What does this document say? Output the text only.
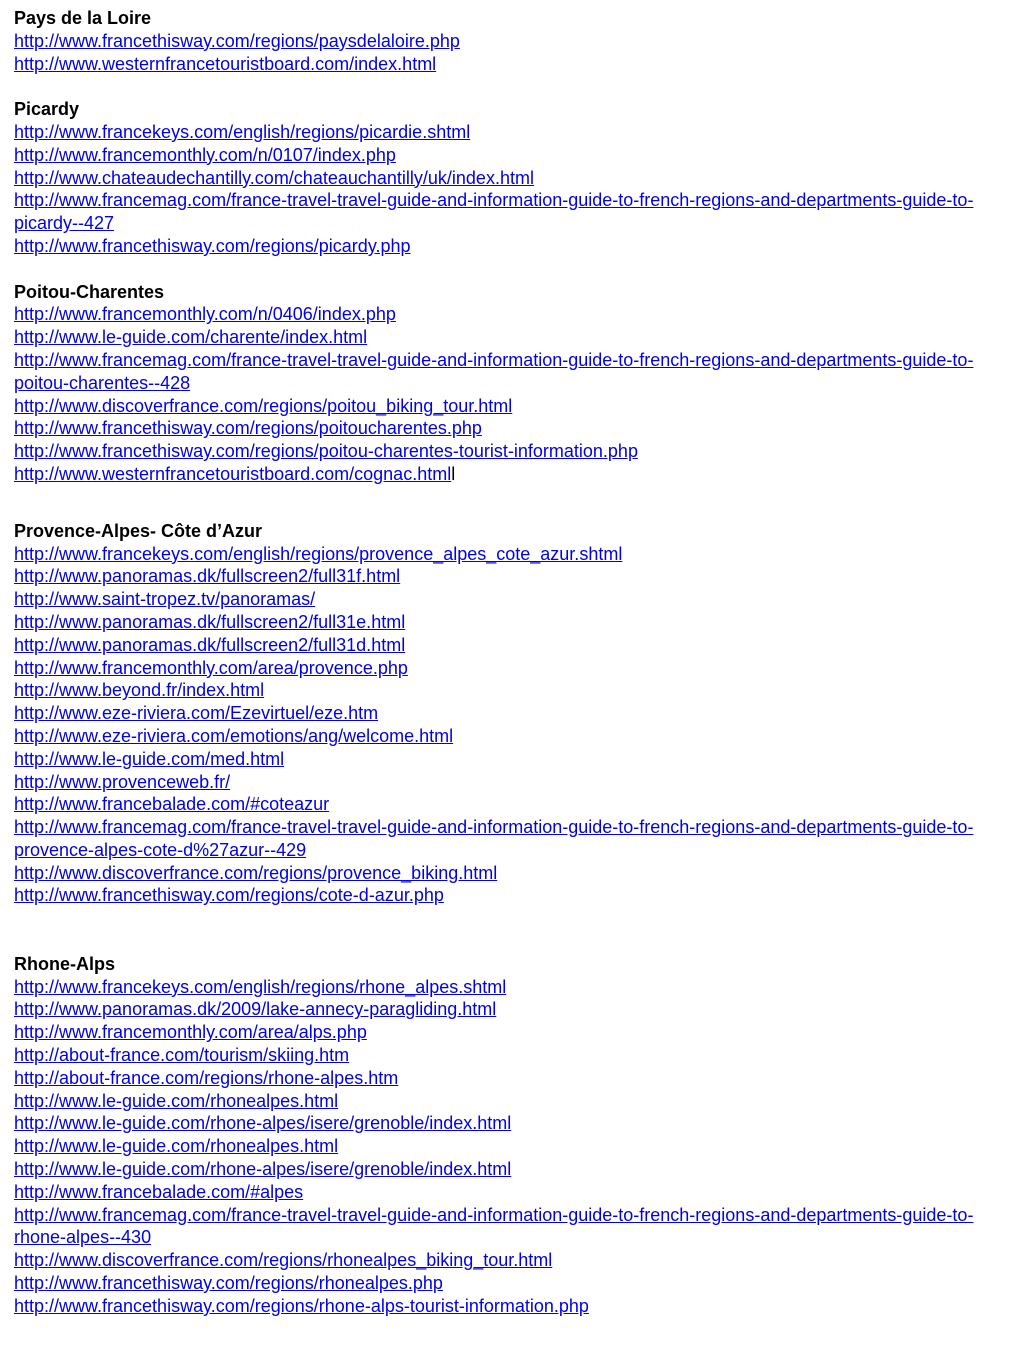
Pays de la Loire
http://www.francethisway.com/regions/paysdelaloire.php
http://www.westernfrancetouristboard.com/index.html
Picardy
http://www.francekeys.com/english/regions/picardie.shtml
http://www.francemonthly.com/n/0107/index.php
http://www.chateaudechantilly.com/chateauchantilly/uk/index.html
http://www.francemag.com/france-travel-travel-guide-and-information-guide-to-french-regions-and-departments-guide-to-picardy--427
http://www.francethisway.com/regions/picardy.php
Poitou-Charentes
http://www.francemonthly.com/n/0406/index.php
http://www.le-guide.com/charente/index.html
http://www.francemag.com/france-travel-travel-guide-and-information-guide-to-french-regions-and-departments-guide-to-poitou-charentes--428
http://www.discoverfrance.com/regions/poitou_biking_tour.html
http://www.francethisway.com/regions/poitoucharentes.php
http://www.francethisway.com/regions/poitou-charentes-tourist-information.php
http://www.westernfrancetouristboard.com/cognac.htmll
Provence-Alpes- Côte d’Azur
http://www.francekeys.com/english/regions/provence_alpes_cote_azur.shtml
http://www.panoramas.dk/fullscreen2/full31f.html
http://www.saint-tropez.tv/panoramas/
http://www.panoramas.dk/fullscreen2/full31e.html
http://www.panoramas.dk/fullscreen2/full31d.html
http://www.francemonthly.com/area/provence.php
http://www.beyond.fr/index.html
http://www.eze-riviera.com/Ezevirtuel/eze.htm
http://www.eze-riviera.com/emotions/ang/welcome.html
http://www.le-guide.com/med.html
http://www.provenceweb.fr/
http://www.francebalade.com/#coteazur
http://www.francemag.com/france-travel-travel-guide-and-information-guide-to-french-regions-and-departments-guide-to-provence-alpes-cote-d%27azur--429
http://www.discoverfrance.com/regions/provence_biking.html
http://www.francethisway.com/regions/cote-d-azur.php
Rhone-Alps
http://www.francekeys.com/english/regions/rhone_alpes.shtml
http://www.panoramas.dk/2009/lake-annecy-paragliding.html
http://www.francemonthly.com/area/alps.php
http://about-france.com/tourism/skiing.htm
http://about-france.com/regions/rhone-alpes.htm
http://www.le-guide.com/rhonealpes.html
http://www.le-guide.com/rhone-alpes/isere/grenoble/index.html
http://www.le-guide.com/rhonealpes.html
http://www.le-guide.com/rhone-alpes/isere/grenoble/index.html
http://www.francebalade.com/#alpes
http://www.francemag.com/france-travel-travel-guide-and-information-guide-to-french-regions-and-departments-guide-to-rhone-alpes--430
http://www.discoverfrance.com/regions/rhonealpes_biking_tour.html
http://www.francethisway.com/regions/rhonealpes.php
http://www.francethisway.com/regions/rhone-alps-tourist-information.php
